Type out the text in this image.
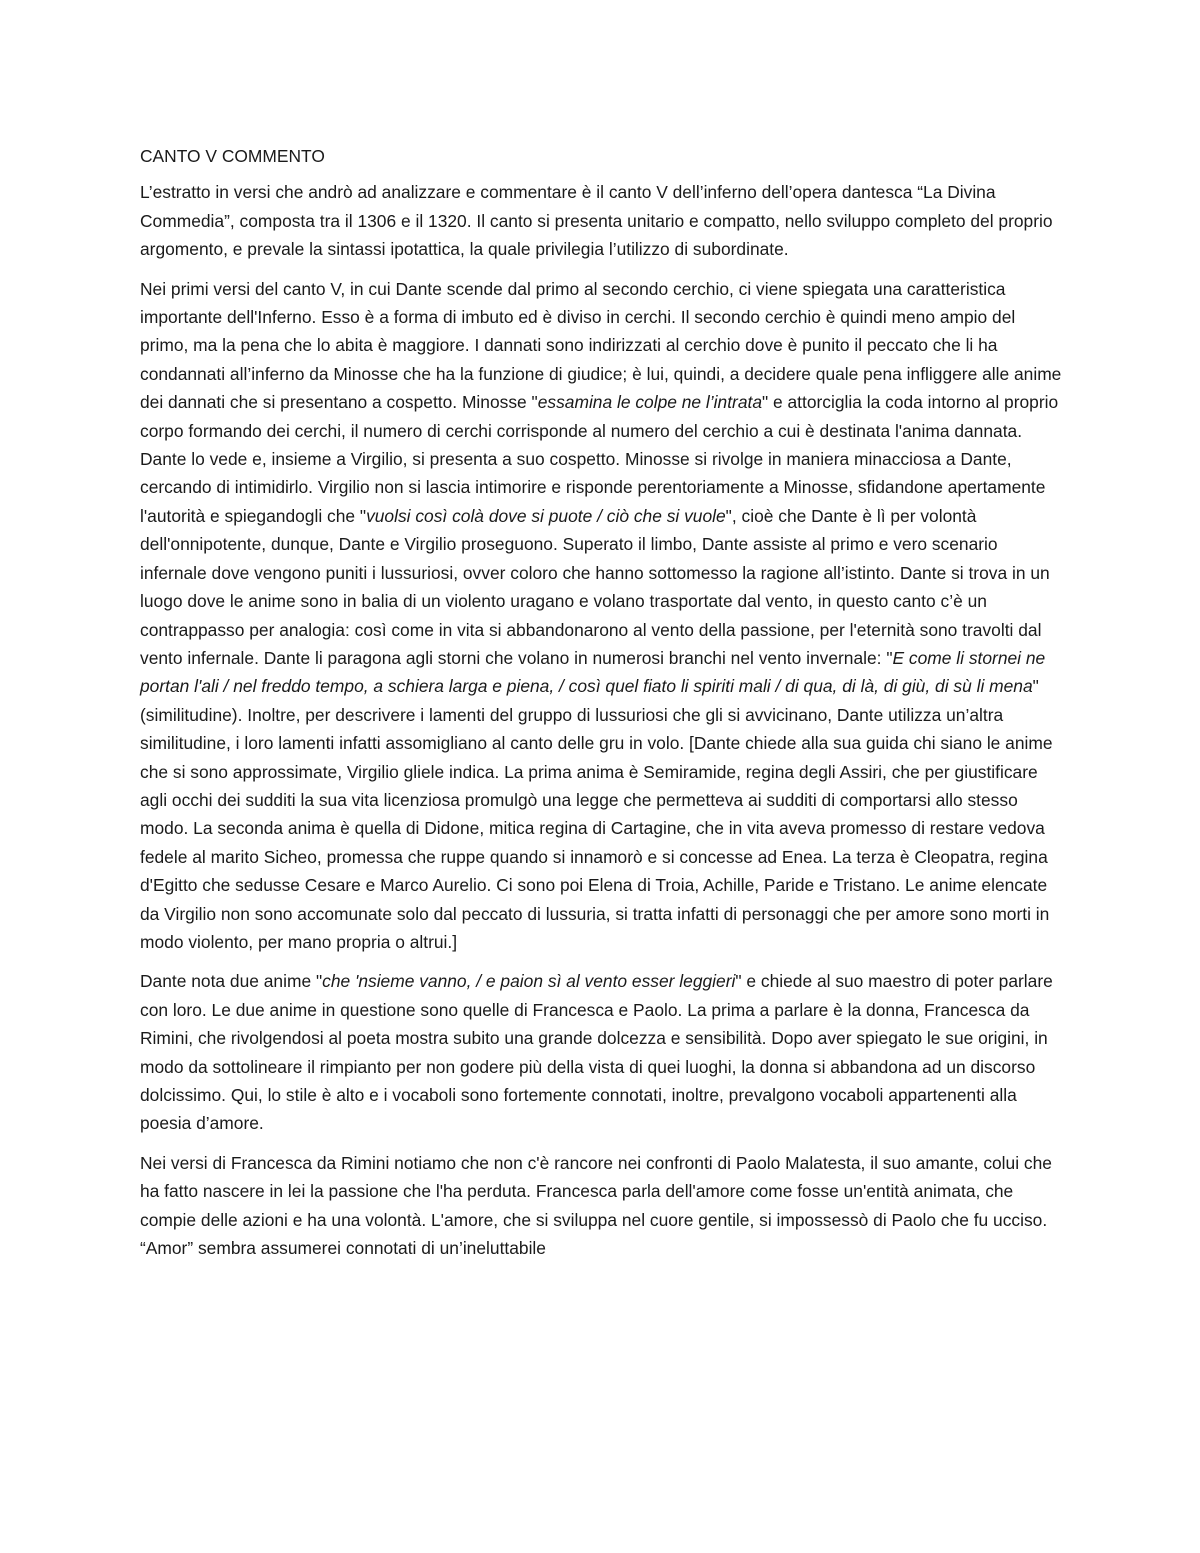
CANTO V COMMENTO

L’estratto in versi che andrò ad analizzare e commentare è il canto V dell’inferno dell’opera dantesca “La Divina Commedia”, composta tra il 1306 e il 1320. Il canto si presenta unitario e compatto, nello sviluppo completo del proprio argomento, e prevale la sintassi ipotattica, la quale privilegia l’utilizzo di subordinate.

Nei primi versi del canto V, in cui Dante scende dal primo al secondo cerchio, ci viene spiegata una caratteristica importante dell'Inferno. Esso è a forma di imbuto ed è diviso in cerchi. Il secondo cerchio è quindi meno ampio del primo, ma la pena che lo abita è maggiore. I dannati sono indirizzati al cerchio dove è punito il peccato che li ha condannati all’inferno da Minosse che ha la funzione di giudice; è lui, quindi, a decidere quale pena infliggere alle anime dei dannati che si presentano a cospetto. Minosse "essamina le colpe ne l’intrata" e attorciglia la coda intorno al proprio corpo formando dei cerchi, il numero di cerchi corrisponde al numero del cerchio a cui è destinata l'anima dannata. Dante lo vede e, insieme a Virgilio, si presenta a suo cospetto. Minosse si rivolge in maniera minacciosa a Dante, cercando di intimidirlo. Virgilio non si lascia intimorire e risponde perentoriamente a Minosse, sfidandone apertamente l'autorità e spiegandogli che "vuolsi così colà dove si puote / ciò che si vuole", cioè che Dante è lì per volontà dell'onnipotente, dunque, Dante e Virgilio proseguono. Superato il limbo, Dante assiste al primo e vero scenario infernale dove vengono puniti i lussuriosi, ovver coloro che hanno sottomesso la ragione all’istinto. Dante si trova in un luogo dove le anime sono in balia di un violento uragano e volano trasportate dal vento, in questo canto c’è un contrappasso per analogia: così come in vita si abbandonarono al vento della passione, per l'eternità sono travolti dal vento infernale. Dante li paragona agli storni che volano in numerosi branchi nel vento invernale: "E come li stornei ne portan l'ali / nel freddo tempo, a schiera larga e piena, / così quel fiato li spiriti mali / di qua, di là, di giù, di sù li mena"(similitudine). Inoltre, per descrivere i lamenti del gruppo di lussuriosi che gli si avvicinano, Dante utilizza un’altra similitudine, i loro lamenti infatti assomigliano al canto delle gru in volo. [Dante chiede alla sua guida chi siano le anime che si sono approssimate, Virgilio gliele indica. La prima anima è Semiramide, regina degli Assiri, che per giustificare agli occhi dei sudditi la sua vita licenziosa promulgò una legge che permetteva ai sudditi di comportarsi allo stesso modo. La seconda anima è quella di Didone, mitica regina di Cartagine, che in vita aveva promesso di restare vedova fedele al marito Sicheo, promessa che ruppe quando si innamorò e si concesse ad Enea. La terza è Cleopatra, regina d'Egitto che sedusse Cesare e Marco Aurelio. Ci sono poi Elena di Troia, Achille, Paride e Tristano. Le anime elencate da Virgilio non sono accomunate solo dal peccato di lussuria, si tratta infatti di personaggi che per amore sono morti in modo violento, per mano propria o altrui.]

Dante nota due anime "che 'nsieme vanno, / e paion sì al vento esser leggieri" e chiede al suo maestro di poter parlare con loro. Le due anime in questione sono quelle di Francesca e Paolo. La prima a parlare è la donna, Francesca da Rimini, che rivolgendosi al poeta mostra subito una grande dolcezza e sensibilità. Dopo aver spiegato le sue origini, in modo da sottolineare il rimpianto per non godere più della vista di quei luoghi, la donna si abbandona ad un discorso dolcissimo. Qui, lo stile è alto e i vocaboli sono fortemente connotati, inoltre, prevalgono vocaboli appartenenti alla poesia d’amore.

Nei versi di Francesca da Rimini notiamo che non c'è rancore nei confronti di Paolo Malatesta, il suo amante, colui che ha fatto nascere in lei la passione che l'ha perduta. Francesca parla dell'amore come fosse un'entità animata, che compie delle azioni e ha una volontà. L'amore, che si sviluppa nel cuore gentile, si impossessò di Paolo che fu ucciso. “Amor” sembra assumerei connotati di un’ineluttabile
